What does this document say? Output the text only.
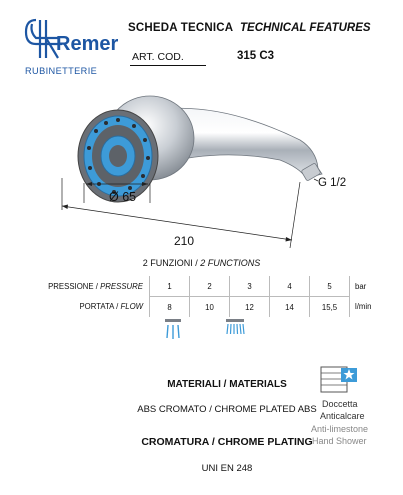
Remer
RUBINETTERIE
SCHEDA TECNICA TECHNICAL FEATURES
ART. COD.	315 C3
Ø 65
G 1/2
210
2 FUNZIONI / 2 FUNCTIONS
PRESSIONE / PRESSURE	1	2	3	4	5	bar
PORTATA / FLOW	8	10	12	14	15,5	l/min
MATERIALI / MATERIALS
ABS CROMATO / CHROME PLATED ABS
CROMATURA / CHROME PLATING
UNI EN 248
Doccetta
Anticalcare
Anti-limestone
Hand Shower
